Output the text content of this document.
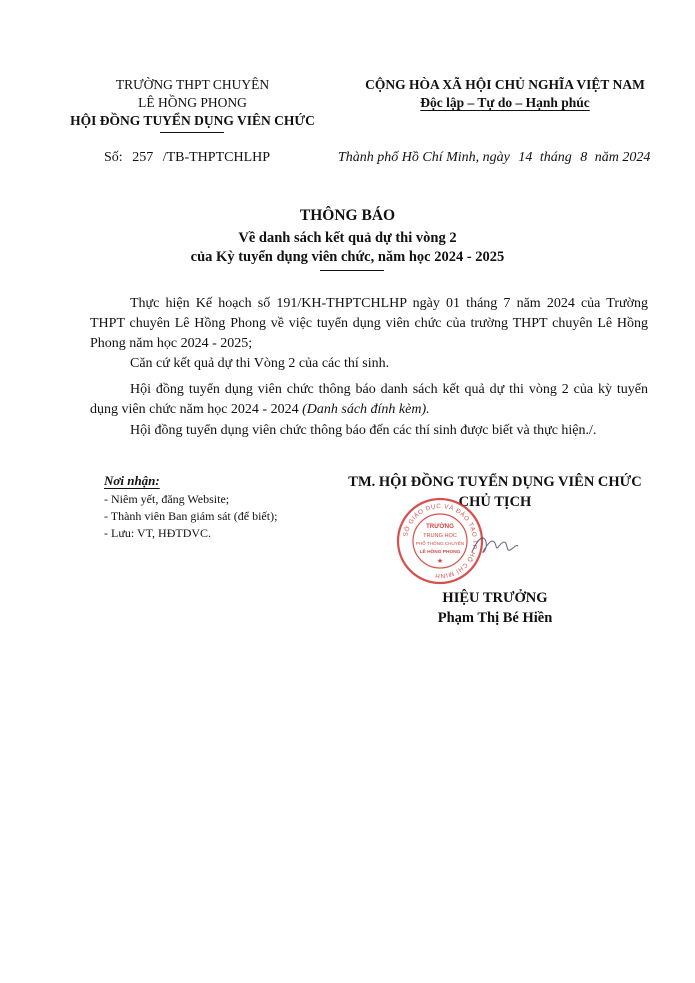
TRƯỜNG THPT CHUYÊN
LÊ HỒNG PHONG
HỘI ĐỒNG TUYỂN DỤNG VIÊN CHỨC
CỘNG HÒA XÃ HỘI CHỦ NGHĨA VIỆT NAM
Độc lập – Tự do – Hạnh phúc
Số: 257 /TB-THPTCHLHP	Thành phố Hồ Chí Minh, ngày 14 tháng 8 năm 2024
THÔNG BÁO
Về danh sách kết quả dự thi vòng 2
của Kỳ tuyển dụng viên chức, năm học 2024 - 2025
Thực hiện Kế hoạch số 191/KH-THPTCHLHP ngày 01 tháng 7 năm 2024 của Trường THPT chuyên Lê Hồng Phong về việc tuyển dụng viên chức của trường THPT chuyên Lê Hồng Phong năm học 2024 - 2025;
Căn cứ kết quả dự thi Vòng 2 của các thí sinh.
Hội đồng tuyển dụng viên chức thông báo danh sách kết quả dự thi vòng 2 của kỳ tuyển dụng viên chức năm học 2024 - 2024 (Danh sách đính kèm).
Hội đồng tuyển dụng viên chức thông báo đến các thí sinh được biết và thực hiện./.
Nơi nhận:
- Niêm yết, đăng Website;
- Thành viên Ban giám sát (để biết);
- Lưu: VT, HĐTDVC.
TM. HỘI ĐỒNG TUYỂN DỤNG VIÊN CHỨC
CHỦ TỊCH
SỞ GIÁO DỤC VÀ ĐÀO TẠO TP HỒ CHÍ MINH
TRƯỜNG
TRUNG HỌC
PHỔ THÔNG CHUYÊN
LÊ HỒNG PHONG
★
HIỆU TRƯỞNG
Phạm Thị Bé Hiền
